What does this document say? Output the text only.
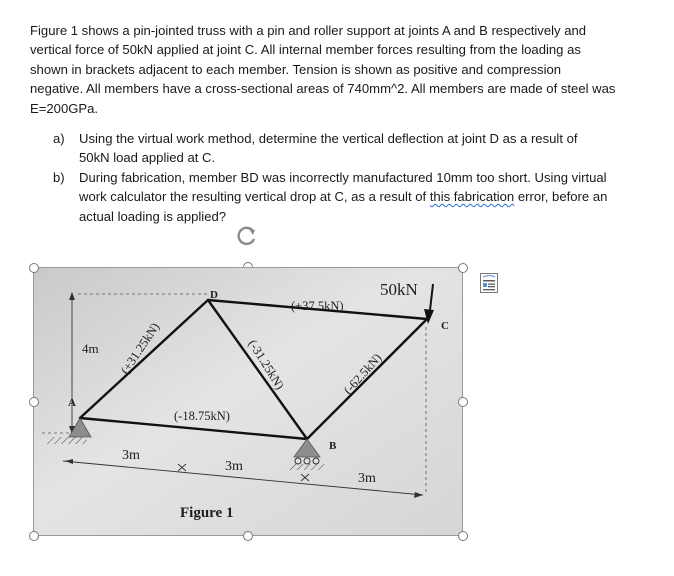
Figure 1 shows a pin-jointed truss with a pin and roller support at joints A and B respectively and

vertical force of 50kN applied at joint C. All internal member forces resulting from the loading as

shown in brackets adjacent to each member. Tension is shown as positive and compression

negative. All members have a cross-sectional areas of 740mm^2. All members are made of steel was

E=200GPa.

a)	Using the virtual work method, determine the vertical deflection at joint D as a result of
50kN load applied at C.
b)	During fabrication, member BD was incorrectly manufactured 10mm too short. Using virtual
work calculator the resulting vertical drop at C, as a result of this fabrication error, before an
actual loading is applied?
A
B
C
D
(+31.25kN)
(-18.75kN)
(-31.25kN)
(+37.5kN)
(-62.5kN)
50kN
4m
3m
3m
3m
Figure 1
